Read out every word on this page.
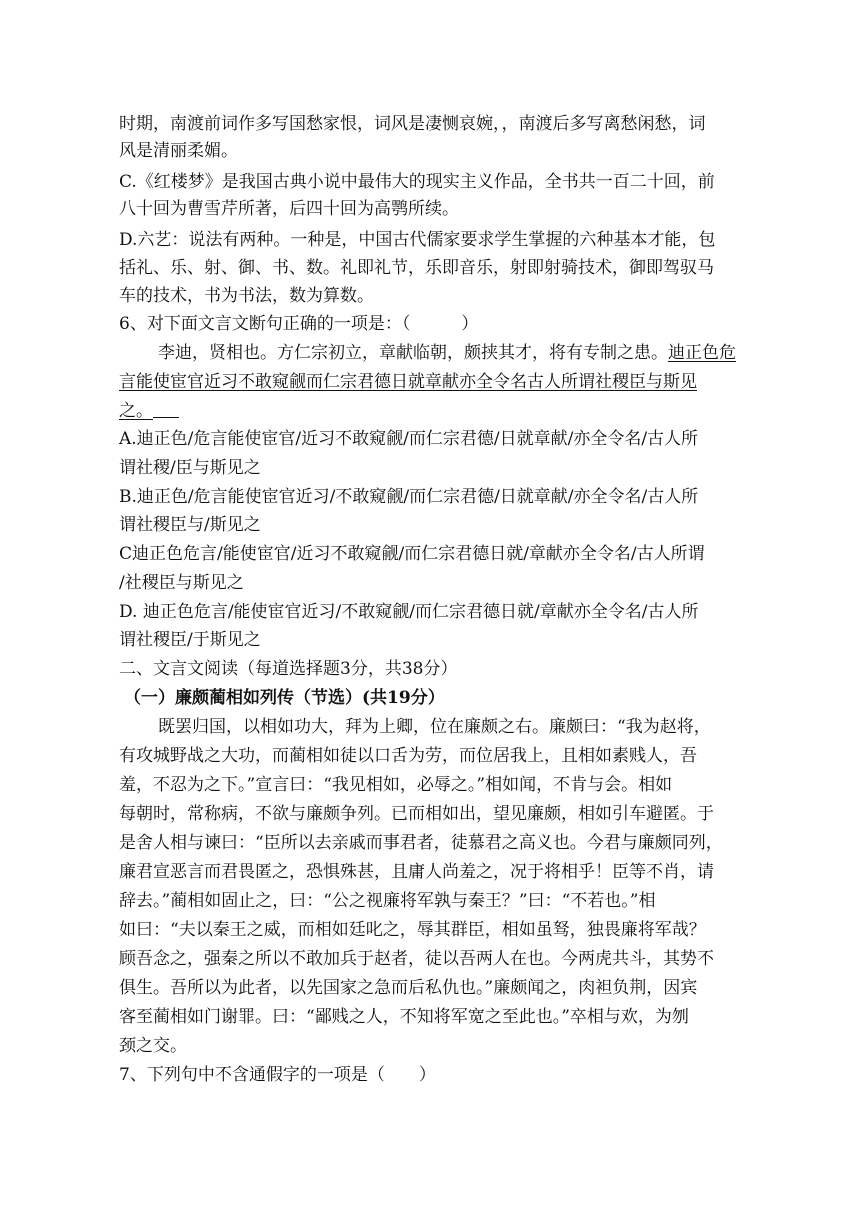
时期，南渡前词作多写国愁家恨，词风是凄恻哀婉，，南渡后多写离愁闲愁，词
风是清丽柔媚。
C.《红楼梦》是我国古典小说中最伟大的现实主义作品，全书共一百二十回，前
八十回为曹雪芹所著，后四十回为高鹗所续。
D.六艺：说法有两种。一种是，中国古代儒家要求学生掌握的六种基本才能，包
括礼、乐、射、御、书、数。礼即礼节，乐即音乐，射即射骑技术，御即驾驭马
车的技术，书为书法，数为算数。
6、对下面文言文断句正确的一项是：（　　　）
李迪，贤相也。方仁宗初立，章献临朝，颇挟其才，将有专制之患。迪正色危
言能使宦官近习不敢窥觎而仁宗君德日就章献亦全令名古人所谓社稷臣与斯见
之。
A.迪正色/危言能使宦官/近习不敢窥觎/而仁宗君德/日就章献/亦全令名/古人所
谓社稷/臣与斯见之
B.迪正色/危言能使宦官近习/不敢窥觎/而仁宗君德/日就章献/亦全令名/古人所
谓社稷臣与/斯见之
C迪正色危言/能使宦官/近习不敢窥觎/而仁宗君德日就/章献亦全令名/古人所谓
/社稷臣与斯见之
D. 迪正色危言/能使宦官近习/不敢窥觎/而仁宗君德日就/章献亦全令名/古人所
谓社稷臣/于斯见之
二、文言文阅读（每道选择题3分，共38分）
（一）廉颇蔺相如列传（节选）(共19分）
既罢归国，以相如功大，拜为上卿，位在廉颇之右。廉颇曰：“我为赵将，
有攻城野战之大功，而蔺相如徒以口舌为劳，而位居我上，且相如素贱人，吾
羞，不忍为之下。”宣言曰：“我见相如，必辱之。”相如闻，不肯与会。相如
每朝时，常称病，不欲与廉颇争列。已而相如出，望见廉颇，相如引车避匿。于
是舍人相与谏曰：“臣所以去亲戚而事君者，徒慕君之高义也。今君与廉颇同列，
廉君宣恶言而君畏匿之，恐惧殊甚，且庸人尚羞之，况于将相乎！臣等不肖，请
辞去。”蔺相如固止之，曰：“公之视廉将军孰与秦王？”曰：“不若也。”相
如曰：“夫以秦王之威，而相如廷叱之，辱其群臣，相如虽驽，独畏廉将军哉？
顾吾念之，强秦之所以不敢加兵于赵者，徒以吾两人在也。今两虎共斗，其势不
俱生。吾所以为此者，以先国家之急而后私仇也。”廉颇闻之，肉袒负荆，因宾
客至蔺相如门谢罪。曰：“鄙贱之人，不知将军宽之至此也。”卒相与欢，为刎
颈之交。
7、下列句中不含通假字的一项是（　　）
